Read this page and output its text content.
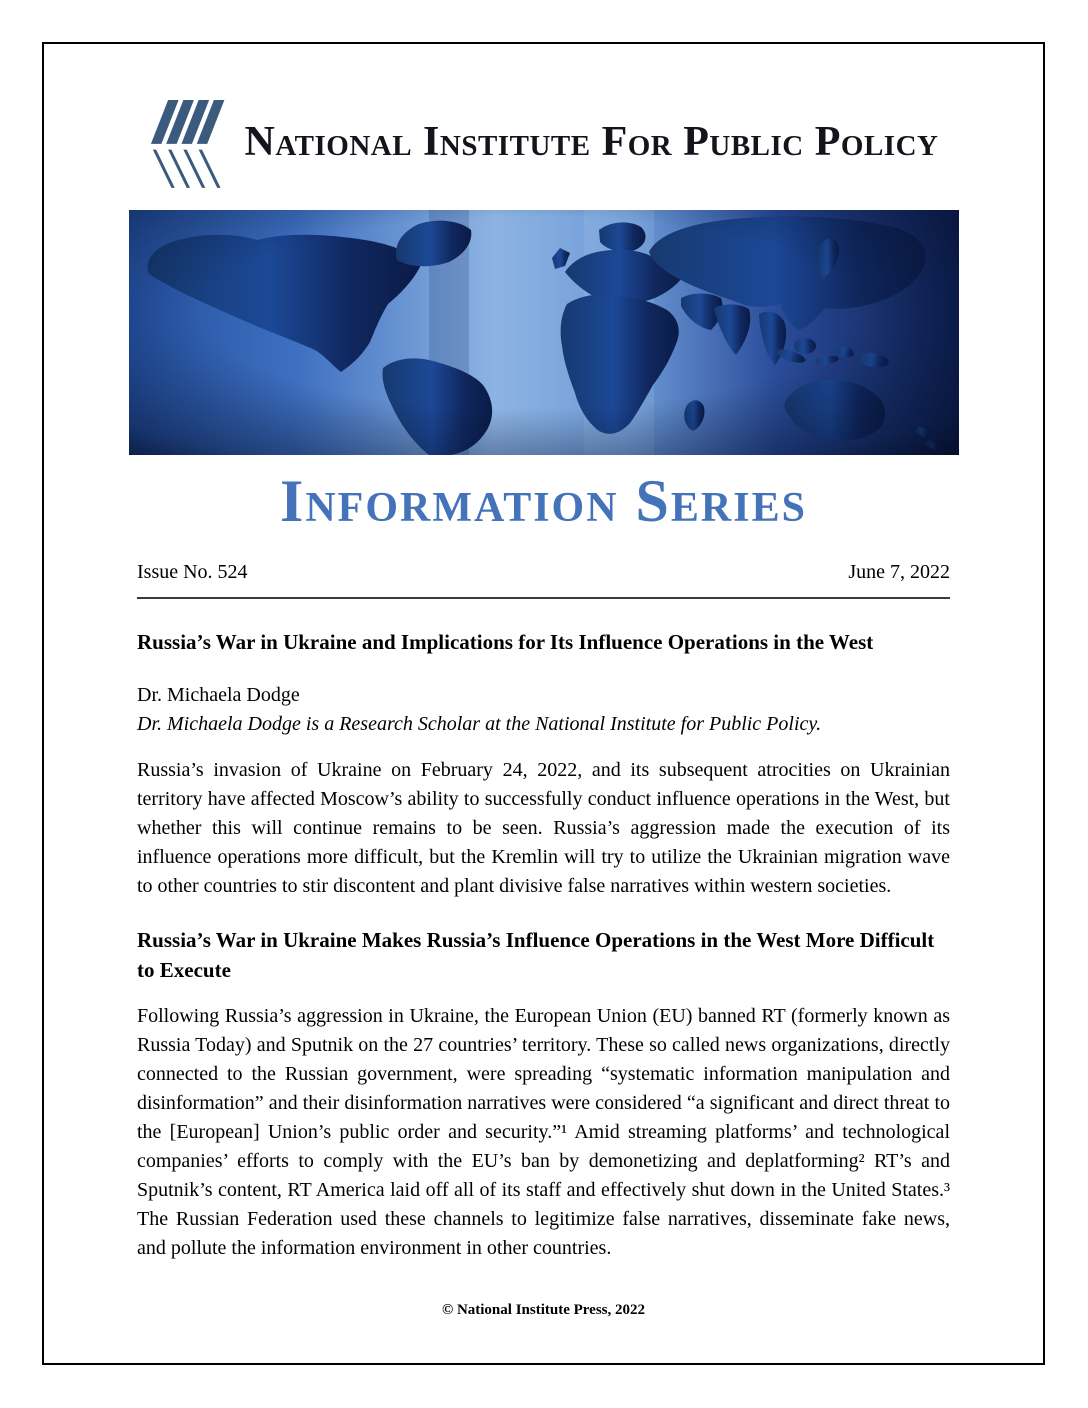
National Institute For Public Policy
Information Series
Issue No. 524	June 7, 2022
Russia’s War in Ukraine and Implications for Its Influence Operations in the West
Dr. Michaela Dodge
Dr. Michaela Dodge is a Research Scholar at the National Institute for Public Policy.
Russia’s invasion of Ukraine on February 24, 2022, and its subsequent atrocities on Ukrainian territory have affected Moscow’s ability to successfully conduct influence operations in the West, but whether this will continue remains to be seen. Russia’s aggression made the execution of its influence operations more difficult, but the Kremlin will try to utilize the Ukrainian migration wave to other countries to stir discontent and plant divisive false narratives within western societies.
Russia’s War in Ukraine Makes Russia’s Influence Operations in the West More Difficult to Execute
Following Russia’s aggression in Ukraine, the European Union (EU) banned RT (formerly known as Russia Today) and Sputnik on the 27 countries’ territory. These so called news organizations, directly connected to the Russian government, were spreading “systematic information manipulation and disinformation” and their disinformation narratives were considered “a significant and direct threat to the [European] Union’s public order and security.”¹ Amid streaming platforms’ and technological companies’ efforts to comply with the EU’s ban by demonetizing and deplatforming² RT’s and Sputnik’s content, RT America laid off all of its staff and effectively shut down in the United States.³ The Russian Federation used these channels to legitimize false narratives, disseminate fake news, and pollute the information environment in other countries.
© National Institute Press, 2022
